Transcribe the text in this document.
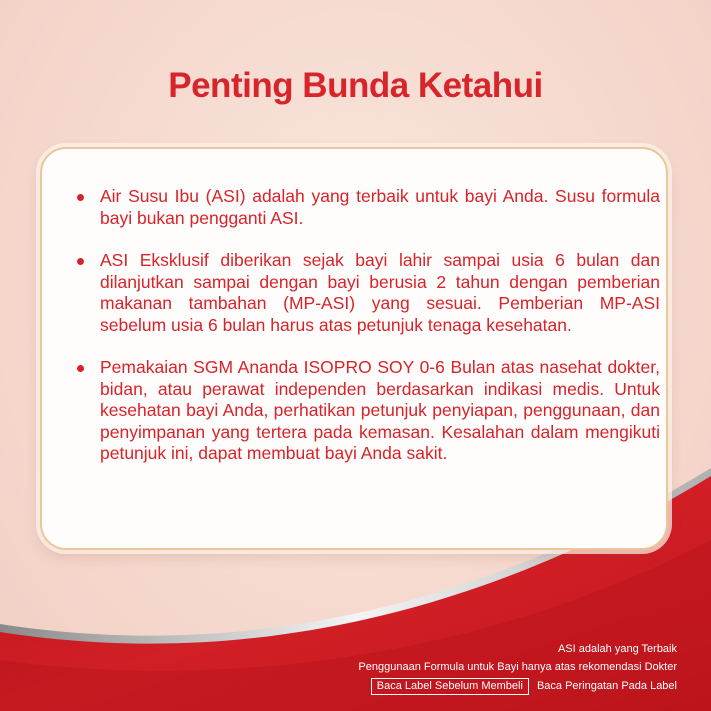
Penting Bunda Ketahui
Air Susu Ibu (ASI) adalah yang terbaik untuk bayi Anda. Susu formula bayi bukan pengganti ASI.
ASI Eksklusif diberikan sejak bayi lahir sampai usia 6 bulan dan dilanjutkan sampai dengan bayi berusia 2 tahun dengan pemberian makanan tambahan (MP-ASI) yang sesuai. Pemberian MP-ASI sebelum usia 6 bulan harus atas petunjuk tenaga kesehatan.
Pemakaian SGM Ananda ISOPRO SOY 0-6 Bulan atas nasehat dokter, bidan, atau perawat independen berdasarkan indikasi medis. Untuk kesehatan bayi Anda, perhatikan petunjuk penyiapan, penggunaan, dan penyimpanan yang tertera pada kemasan. Kesalahan dalam mengikuti petunjuk ini, dapat membuat bayi Anda sakit.
ASI adalah yang Terbaik
Penggunaan Formula untuk Bayi hanya atas rekomendasi Dokter
Baca Label Sebelum Membeli	Baca Peringatan Pada Label
